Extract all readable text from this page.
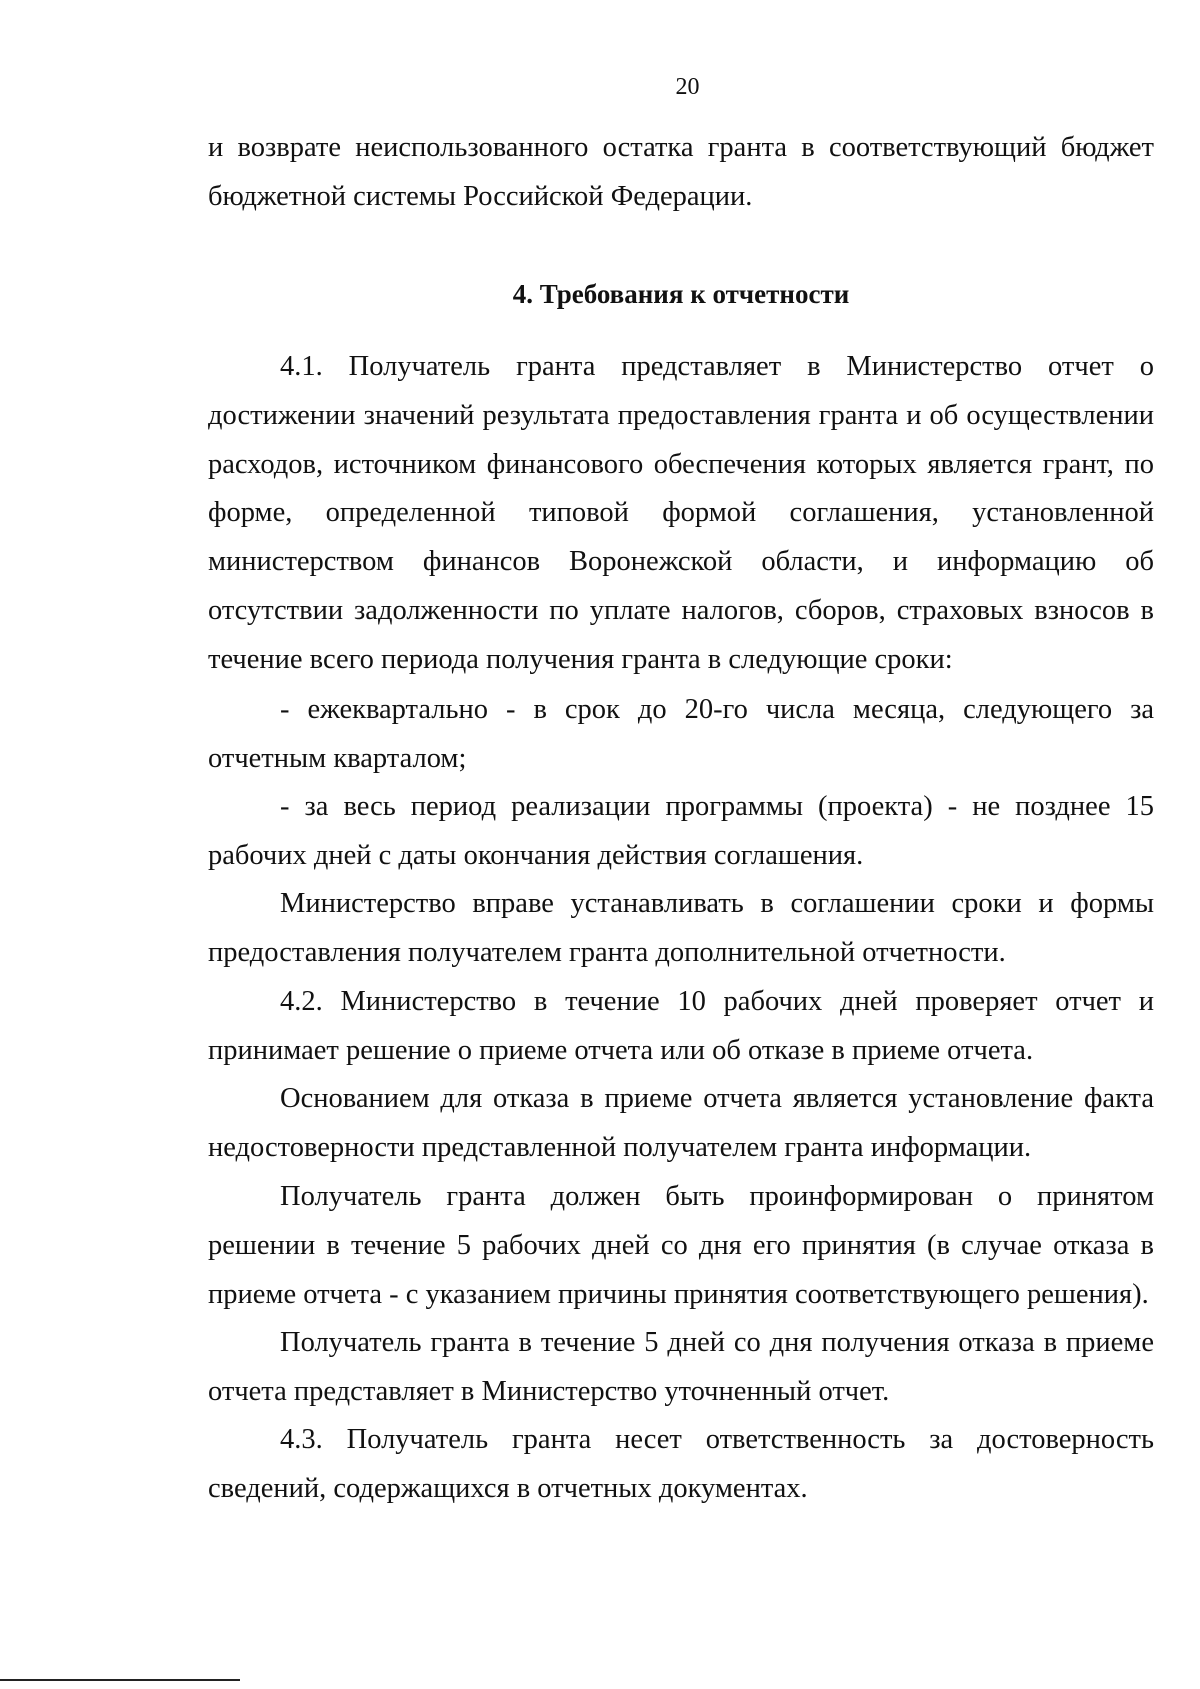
20

и возврате неиспользованного остатка гранта в соответствующий бюджет бюджетной системы Российской Федерации.

4. Требования к отчетности

4.1. Получатель гранта представляет в Министерство отчет о достижении значений результата предоставления гранта и об осуществлении расходов, источником финансового обеспечения которых является грант, по форме, определенной типовой формой соглашения, установленной министерством финансов Воронежской области, и информацию об отсутствии задолженности по уплате налогов, сборов, страховых взносов в течение всего периода получения гранта в следующие сроки:

- ежеквартально - в срок до 20-го числа месяца, следующего за отчетным кварталом;

- за весь период реализации программы (проекта) - не позднее 15 рабочих дней с даты окончания действия соглашения.

Министерство вправе устанавливать в соглашении сроки и формы предоставления получателем гранта дополнительной отчетности.

4.2. Министерство в течение 10 рабочих дней проверяет отчет и принимает решение о приеме отчета или об отказе в приеме отчета.

Основанием для отказа в приеме отчета является установление факта недостоверности представленной получателем гранта информации.

Получатель гранта должен быть проинформирован о принятом решении в течение 5 рабочих дней со дня его принятия (в случае отказа в приеме отчета - с указанием причины принятия соответствующего решения).

Получатель гранта в течение 5 дней со дня получения отказа в приеме отчета представляет в Министерство уточненный отчет.

4.3. Получатель гранта несет ответственность за достоверность сведений, содержащихся в отчетных документах.
